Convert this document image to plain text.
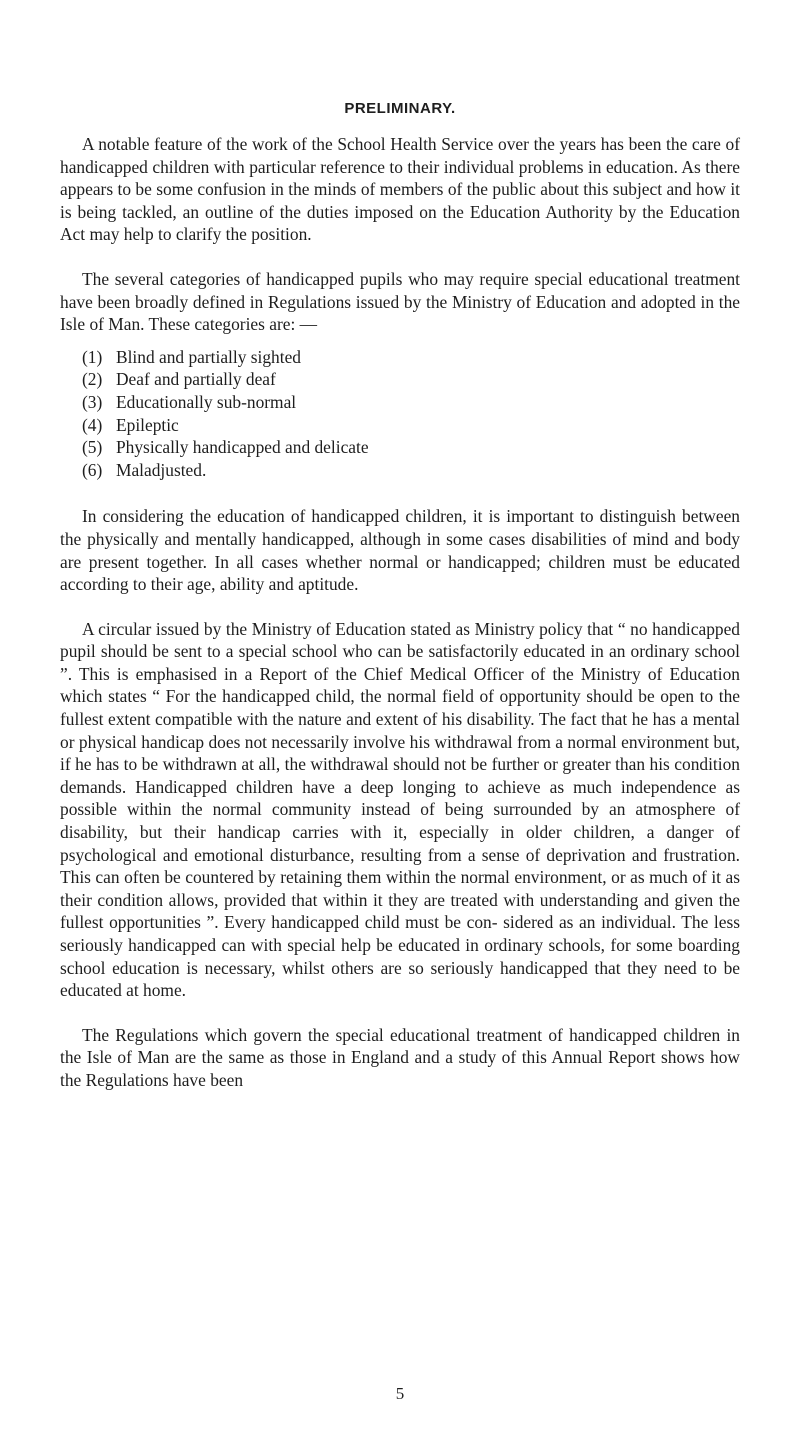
PRELIMINARY.

A notable feature of the work of the School Health Service over the years has been the care of handicapped children with particular reference to their individual problems in education. As there appears to be some confusion in the minds of members of the public about this subject and how it is being tackled, an outline of the duties imposed on the Education Authority by the Education Act may help to clarify the position.

The several categories of handicapped pupils who may require special educational treatment have been broadly defined in Regulations issued by the Ministry of Education and adopted in the Isle of Man. These categories are: —

(1) Blind and partially sighted
(2) Deaf and partially deaf
(3) Educationally sub-normal
(4) Epileptic
(5) Physically handicapped and delicate
(6) Maladjusted.

In considering the education of handicapped children, it is important to distinguish between the physically and mentally handicapped, although in some cases disabilities of mind and body are present together. In all cases whether normal or handicapped; children must be educated according to their age, ability and aptitude.

A circular issued by the Ministry of Education stated as Ministry policy that “ no handicapped pupil should be sent to a special school who can be satisfactorily educated in an ordinary school ”. This is emphasised in a Report of the Chief Medical Officer of the Ministry of Education which states “ For the handicapped child, the normal field of opportunity should be open to the fullest extent compatible with the nature and extent of his disability. The fact that he has a mental or physical handicap does not necessarily involve his withdrawal from a normal environment but, if he has to be withdrawn at all, the withdrawal should not be further or greater than his condition demands. Handicapped children have a deep longing to achieve as much independence as possible within the normal community instead of being surrounded by an atmosphere of disability, but their handicap carries with it, especially in older children, a danger of psychological and emotional disturbance, resulting from a sense of deprivation and frustration. This can often be countered by retaining them within the normal environment, or as much of it as their condition allows, provided that within it they are treated with understanding and given the fullest opportunities ”. Every handicapped child must be con- sidered as an individual. The less seriously handicapped can with special help be educated in ordinary schools, for some boarding school education is necessary, whilst others are so seriously handicapped that they need to be educated at home.

The Regulations which govern the special educational treatment of handicapped children in the Isle of Man are the same as those in England and a study of this Annual Report shows how the Regulations have been

5
